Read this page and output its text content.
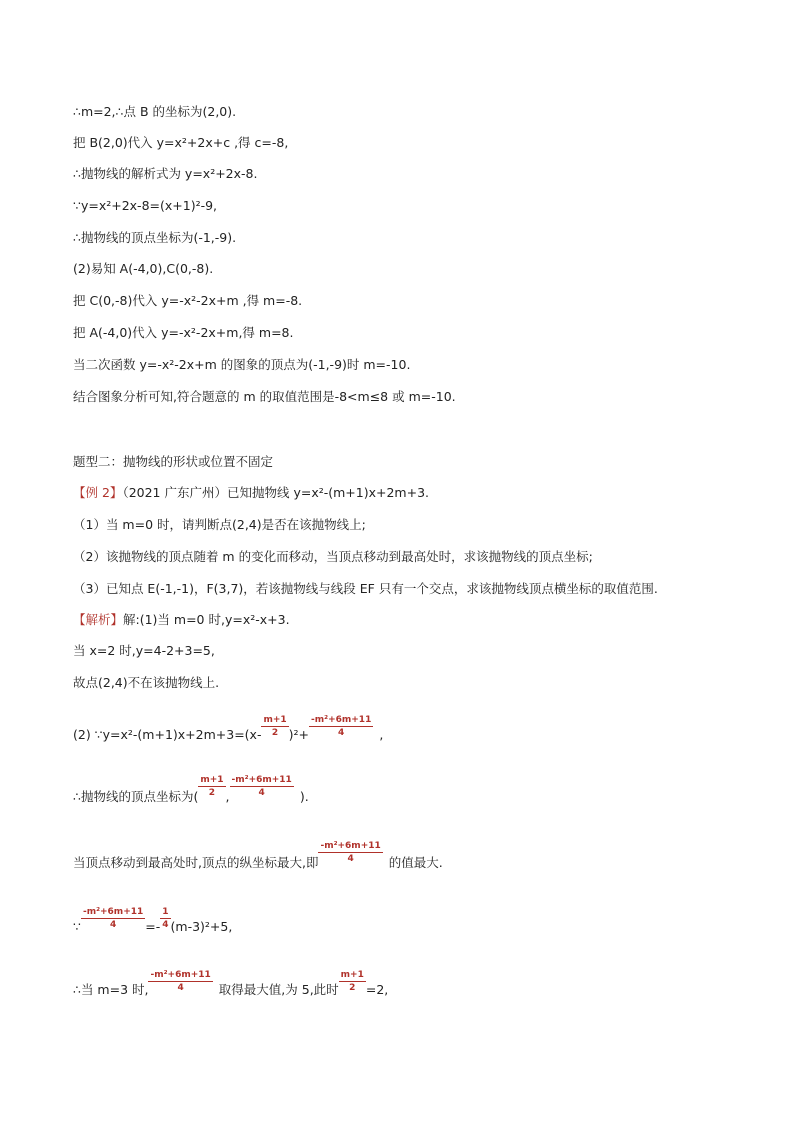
∴m=2,∴点 B 的坐标为(2,0).
把 B(2,0)代入 y=x²+2x+c ,得 c=-8,
∴抛物线的解析式为 y=x²+2x-8.
∵y=x²+2x-8=(x+1)²-9,
∴抛物线的顶点坐标为(-1,-9).
(2)易知 A(-4,0),C(0,-8).
把 C(0,-8)代入 y=-x²-2x+m ,得 m=-8.
把 A(-4,0)代入 y=-x²-2x+m,得 m=8.
当二次函数 y=-x²-2x+m 的图象的顶点为(-1,-9)时 m=-10.
结合图象分析可知,符合题意的 m 的取值范围是-8<m≤8 或 m=-10.
题型二：抛物线的形状或位置不固定
【例 2】（2021 广东广州）已知抛物线 y=x²-(m+1)x+2m+3.
（1）当 m=0 时，请判断点(2,4)是否在该抛物线上;
（2）该抛物线的顶点随着 m 的变化而移动，当顶点移动到最高处时，求该抛物线的顶点坐标;
（3）已知点 E(-1,-1)，F(3,7)，若该抛物线与线段 EF 只有一个交点，求该抛物线顶点横坐标的取值范围.
【解析】解:(1)当 m=0 时,y=x²-x+3.
当 x=2 时,y=4-2+3=5,
故点(2,4)不在该抛物线上.
(2) ∵y=x²-(m+1)x+2m+3=(x- $\frac{m+1}{2} )^2+ \frac{\text{-m²+6m+11}}{4}$ ,
∴抛物线的顶点坐标为( $\frac{m+1}{2}$ , $\frac{\text{-m²+6m+11}}{4}$ ).
当顶点移动到最高处时,顶点的纵坐标最大,即 $\frac{\text{-m²+6m+11}}{4}$ 的值最大.
∵ $\frac{\text{-m²+6m+11}}{4} =- \frac{1}{4} (m-3)^2+5$,
∴当 m=3 时, $\frac{\text{-m²+6m+11}}{4}$ 取得最大值,为 5,此时 $\frac{m+1}{2} =2$,
